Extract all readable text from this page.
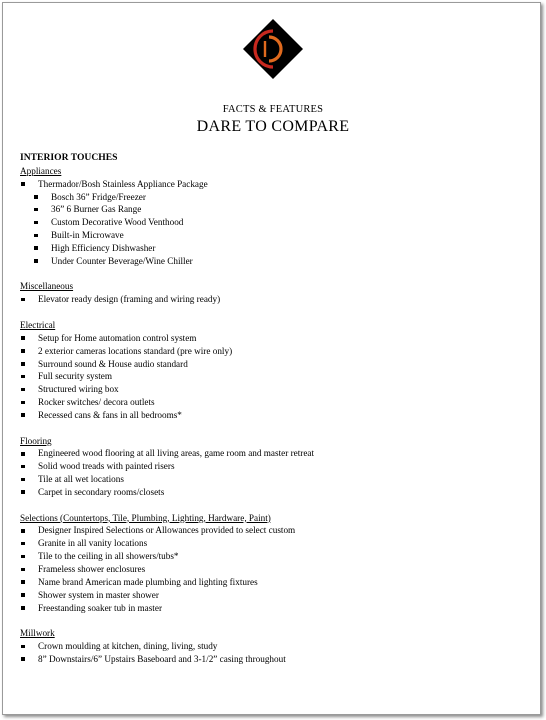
FACTS & FEATURES
DARE TO COMPARE
INTERIOR TOUCHES
Appliances
Thermador/Bosh Stainless Appliance Package
Bosch 36” Fridge/Freezer
36” 6 Burner Gas Range
Custom Decorative Wood Venthood
Built-in Microwave
High Efficiency Dishwasher
Under Counter Beverage/Wine Chiller
Miscellaneous
Elevator ready design (framing and wiring ready)
Electrical
Setup for Home automation control system
2 exterior cameras locations standard (pre wire only)
Surround sound & House audio standard
Full security system
Structured wiring box
Rocker switches/ decora outlets
Recessed cans & fans in all bedrooms*
Flooring
Engineered wood flooring at all living areas, game room and master retreat
Solid wood treads with painted risers
Tile at all wet locations
Carpet in secondary rooms/closets
Selections (Countertops, Tile, Plumbing, Lighting, Hardware, Paint)
Designer Inspired Selections or Allowances provided to select custom
Granite in all vanity locations
Tile to the ceiling in all showers/tubs*
Frameless shower enclosures
Name brand American made plumbing and lighting fixtures
Shower system in master shower
Freestanding soaker tub in master
Millwork
Crown moulding at kitchen, dining, living, study
8” Downstairs/6” Upstairs Baseboard and 3-1/2” casing throughout
